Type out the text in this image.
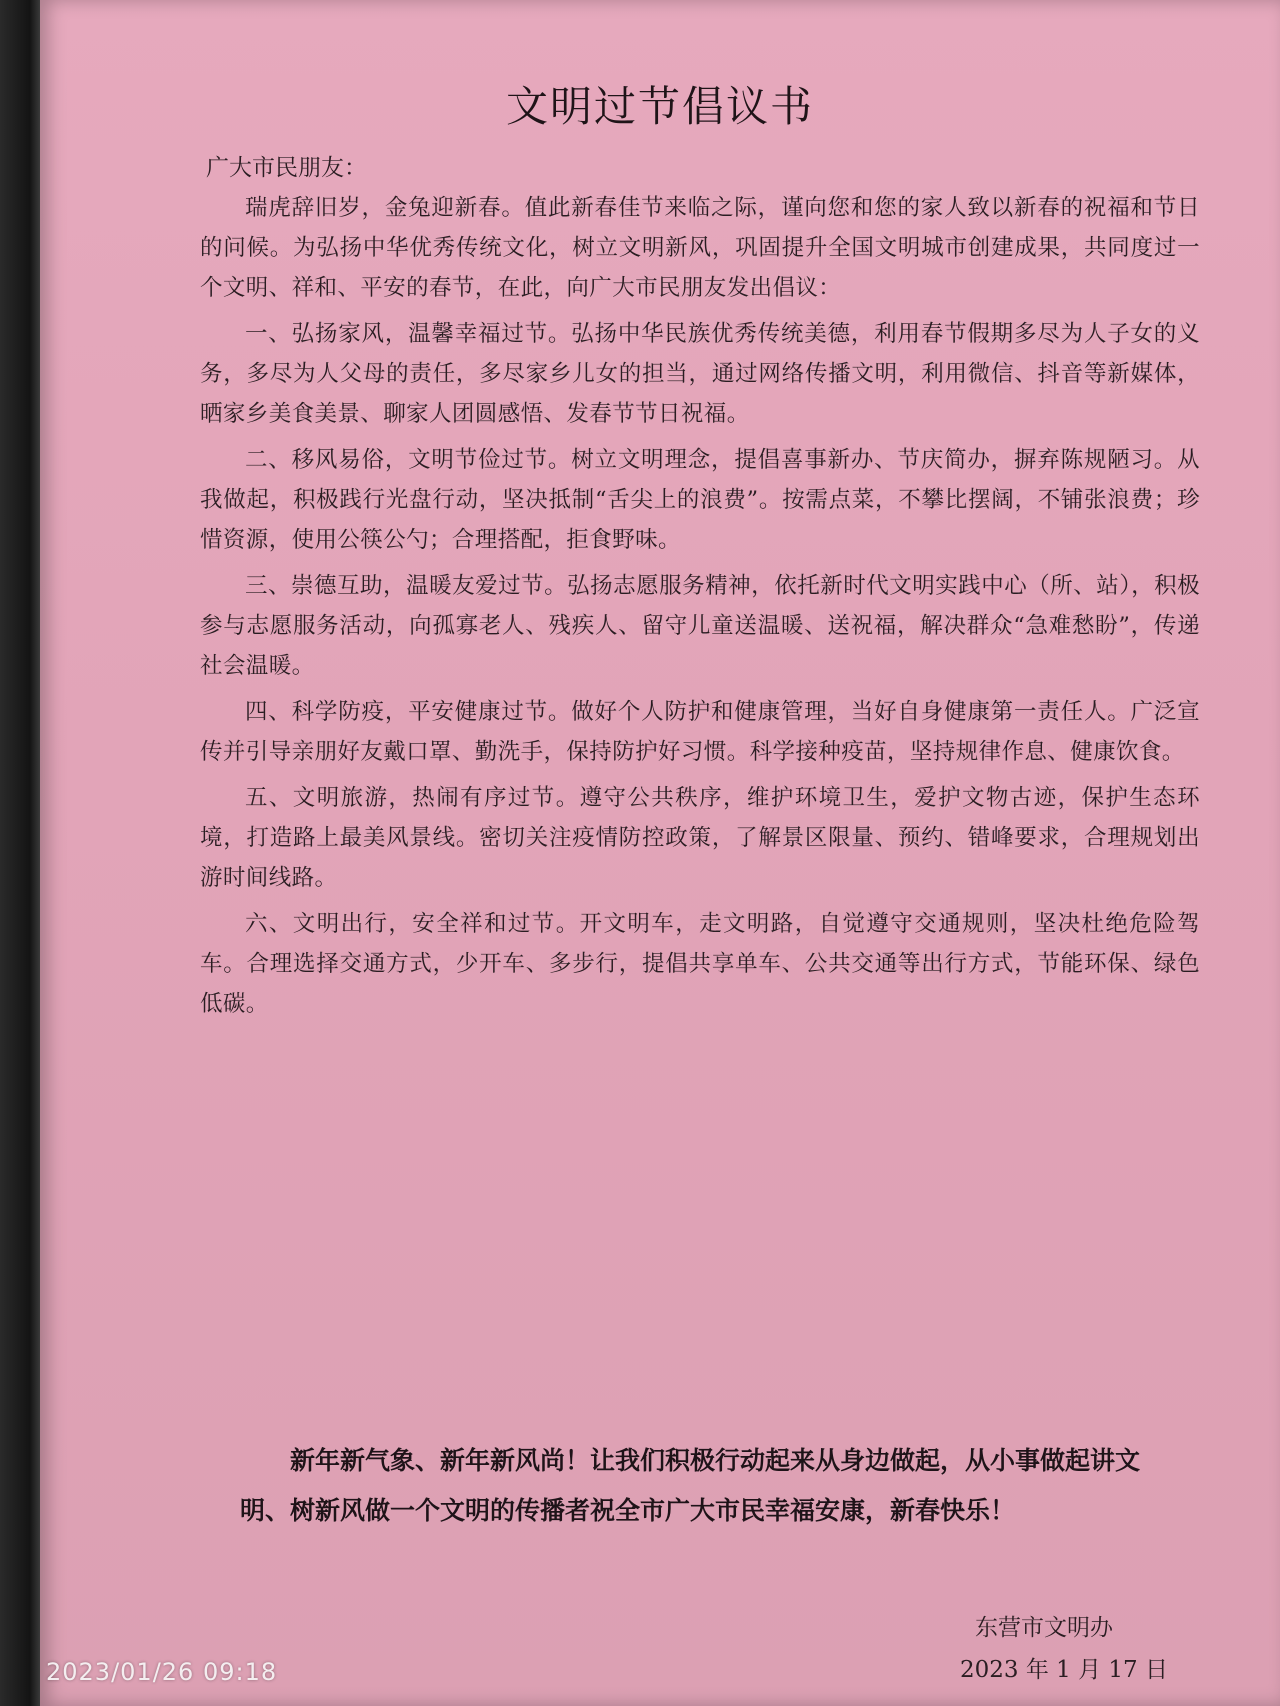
文明过节倡议书
广大市民朋友：

瑞虎辞旧岁，金兔迎新春。值此新春佳节来临之际，谨向您和您的家人致以新春的祝福和节日的问候。为弘扬中华优秀传统文化，树立文明新风，巩固提升全国文明城市创建成果，共同度过一个文明、祥和、平安的春节，在此，向广大市民朋友发出倡议：

一、弘扬家风，温馨幸福过节。弘扬中华民族优秀传统美德，利用春节假期多尽为人子女的义务，多尽为人父母的责任，多尽家乡儿女的担当，通过网络传播文明，利用微信、抖音等新媒体，晒家乡美食美景、聊家人团圆感悟、发春节节日祝福。

二、移风易俗，文明节俭过节。树立文明理念，提倡喜事新办、节庆简办，摒弃陈规陋习。从我做起，积极践行光盘行动，坚决抵制“舌尖上的浪费”。按需点菜，不攀比摆阔，不铺张浪费；珍惜资源，使用公筷公勺；合理搭配，拒食野味。

三、崇德互助，温暖友爱过节。弘扬志愿服务精神，依托新时代文明实践中心（所、站），积极参与志愿服务活动，向孤寡老人、残疾人、留守儿童送温暖、送祝福，解决群众“急难愁盼”，传递社会温暖。

四、科学防疫，平安健康过节。做好个人防护和健康管理，当好自身健康第一责任人。广泛宣传并引导亲朋好友戴口罩、勤洗手，保持防护好习惯。科学接种疫苗，坚持规律作息、健康饮食。

五、文明旅游，热闹有序过节。遵守公共秩序，维护环境卫生，爱护文物古迹，保护生态环境，打造路上最美风景线。密切关注疫情防控政策，了解景区限量、预约、错峰要求，合理规划出游时间线路。

六、文明出行，安全祥和过节。开文明车，走文明路，自觉遵守交通规则，坚决杜绝危险驾车。合理选择交通方式，少开车、多步行，提倡共享单车、公共交通等出行方式，节能环保、绿色低碳。

新年新气象、新年新风尚！让我们积极行动起来从身边做起，从小事做起讲文明、树新风做一个文明的传播者祝全市广大市民幸福安康，新春快乐！
东营市文明办
2023 年 1 月 17 日
2023/01/26 09:18
